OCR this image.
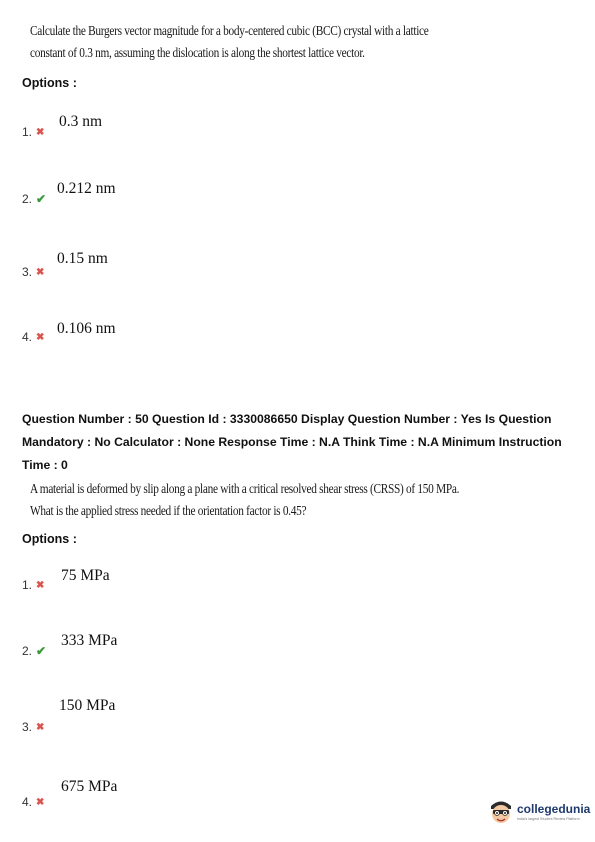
Calculate the Burgers vector magnitude for a body-centered cubic (BCC) crystal with a lattice
constant of 0.3 nm, assuming the dislocation is along the shortest lattice vector.
Options :
0.3 nm
1. ✖
0.212 nm
2. ✔
0.15 nm
3. ✖
0.106 nm
4. ✖
Question Number : 50 Question Id : 3330086650 Display Question Number : Yes Is Question
Mandatory : No Calculator : None Response Time : N.A Think Time : N.A Minimum Instruction
Time : 0
A material is deformed by slip along a plane with a critical resolved shear stress (CRSS) of 150 MPa.
What is the applied stress needed if the orientation factor is 0.45?
Options :
75 MPa
1. ✖
333 MPa
2. ✔
150 MPa
3. ✖
675 MPa
4. ✖	collegedunia
India's largest Student Review Platform
